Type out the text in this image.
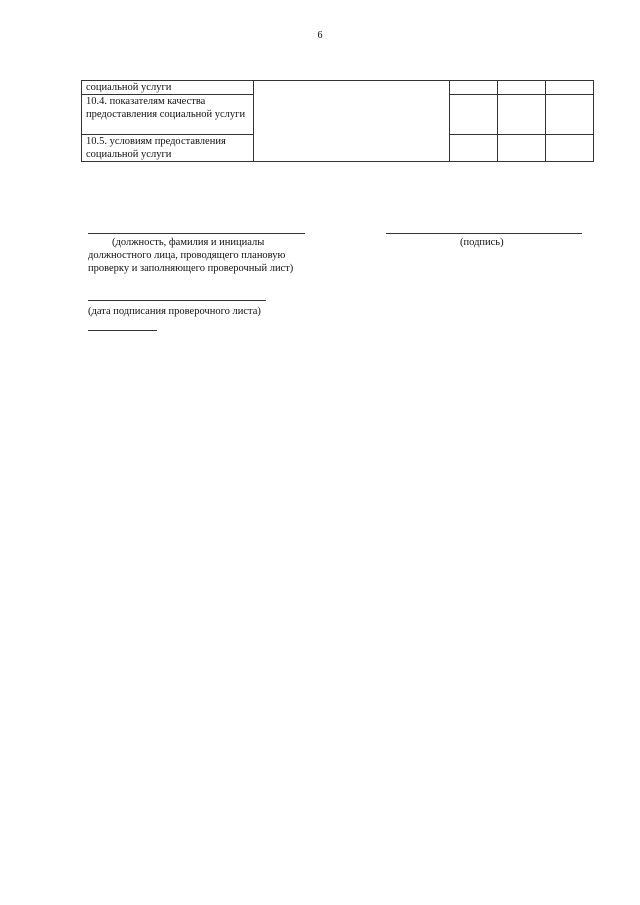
6
социальной услуги				
10.4. показателям качества предоставления социальной услуги				
10.5. условиям предоставления социальной услуги				
(должность, фамилия и инициалы должностного лица, проводящего плановую проверку и заполняющего проверочный лист)
(подпись)
(дата подписания проверочного листа)
